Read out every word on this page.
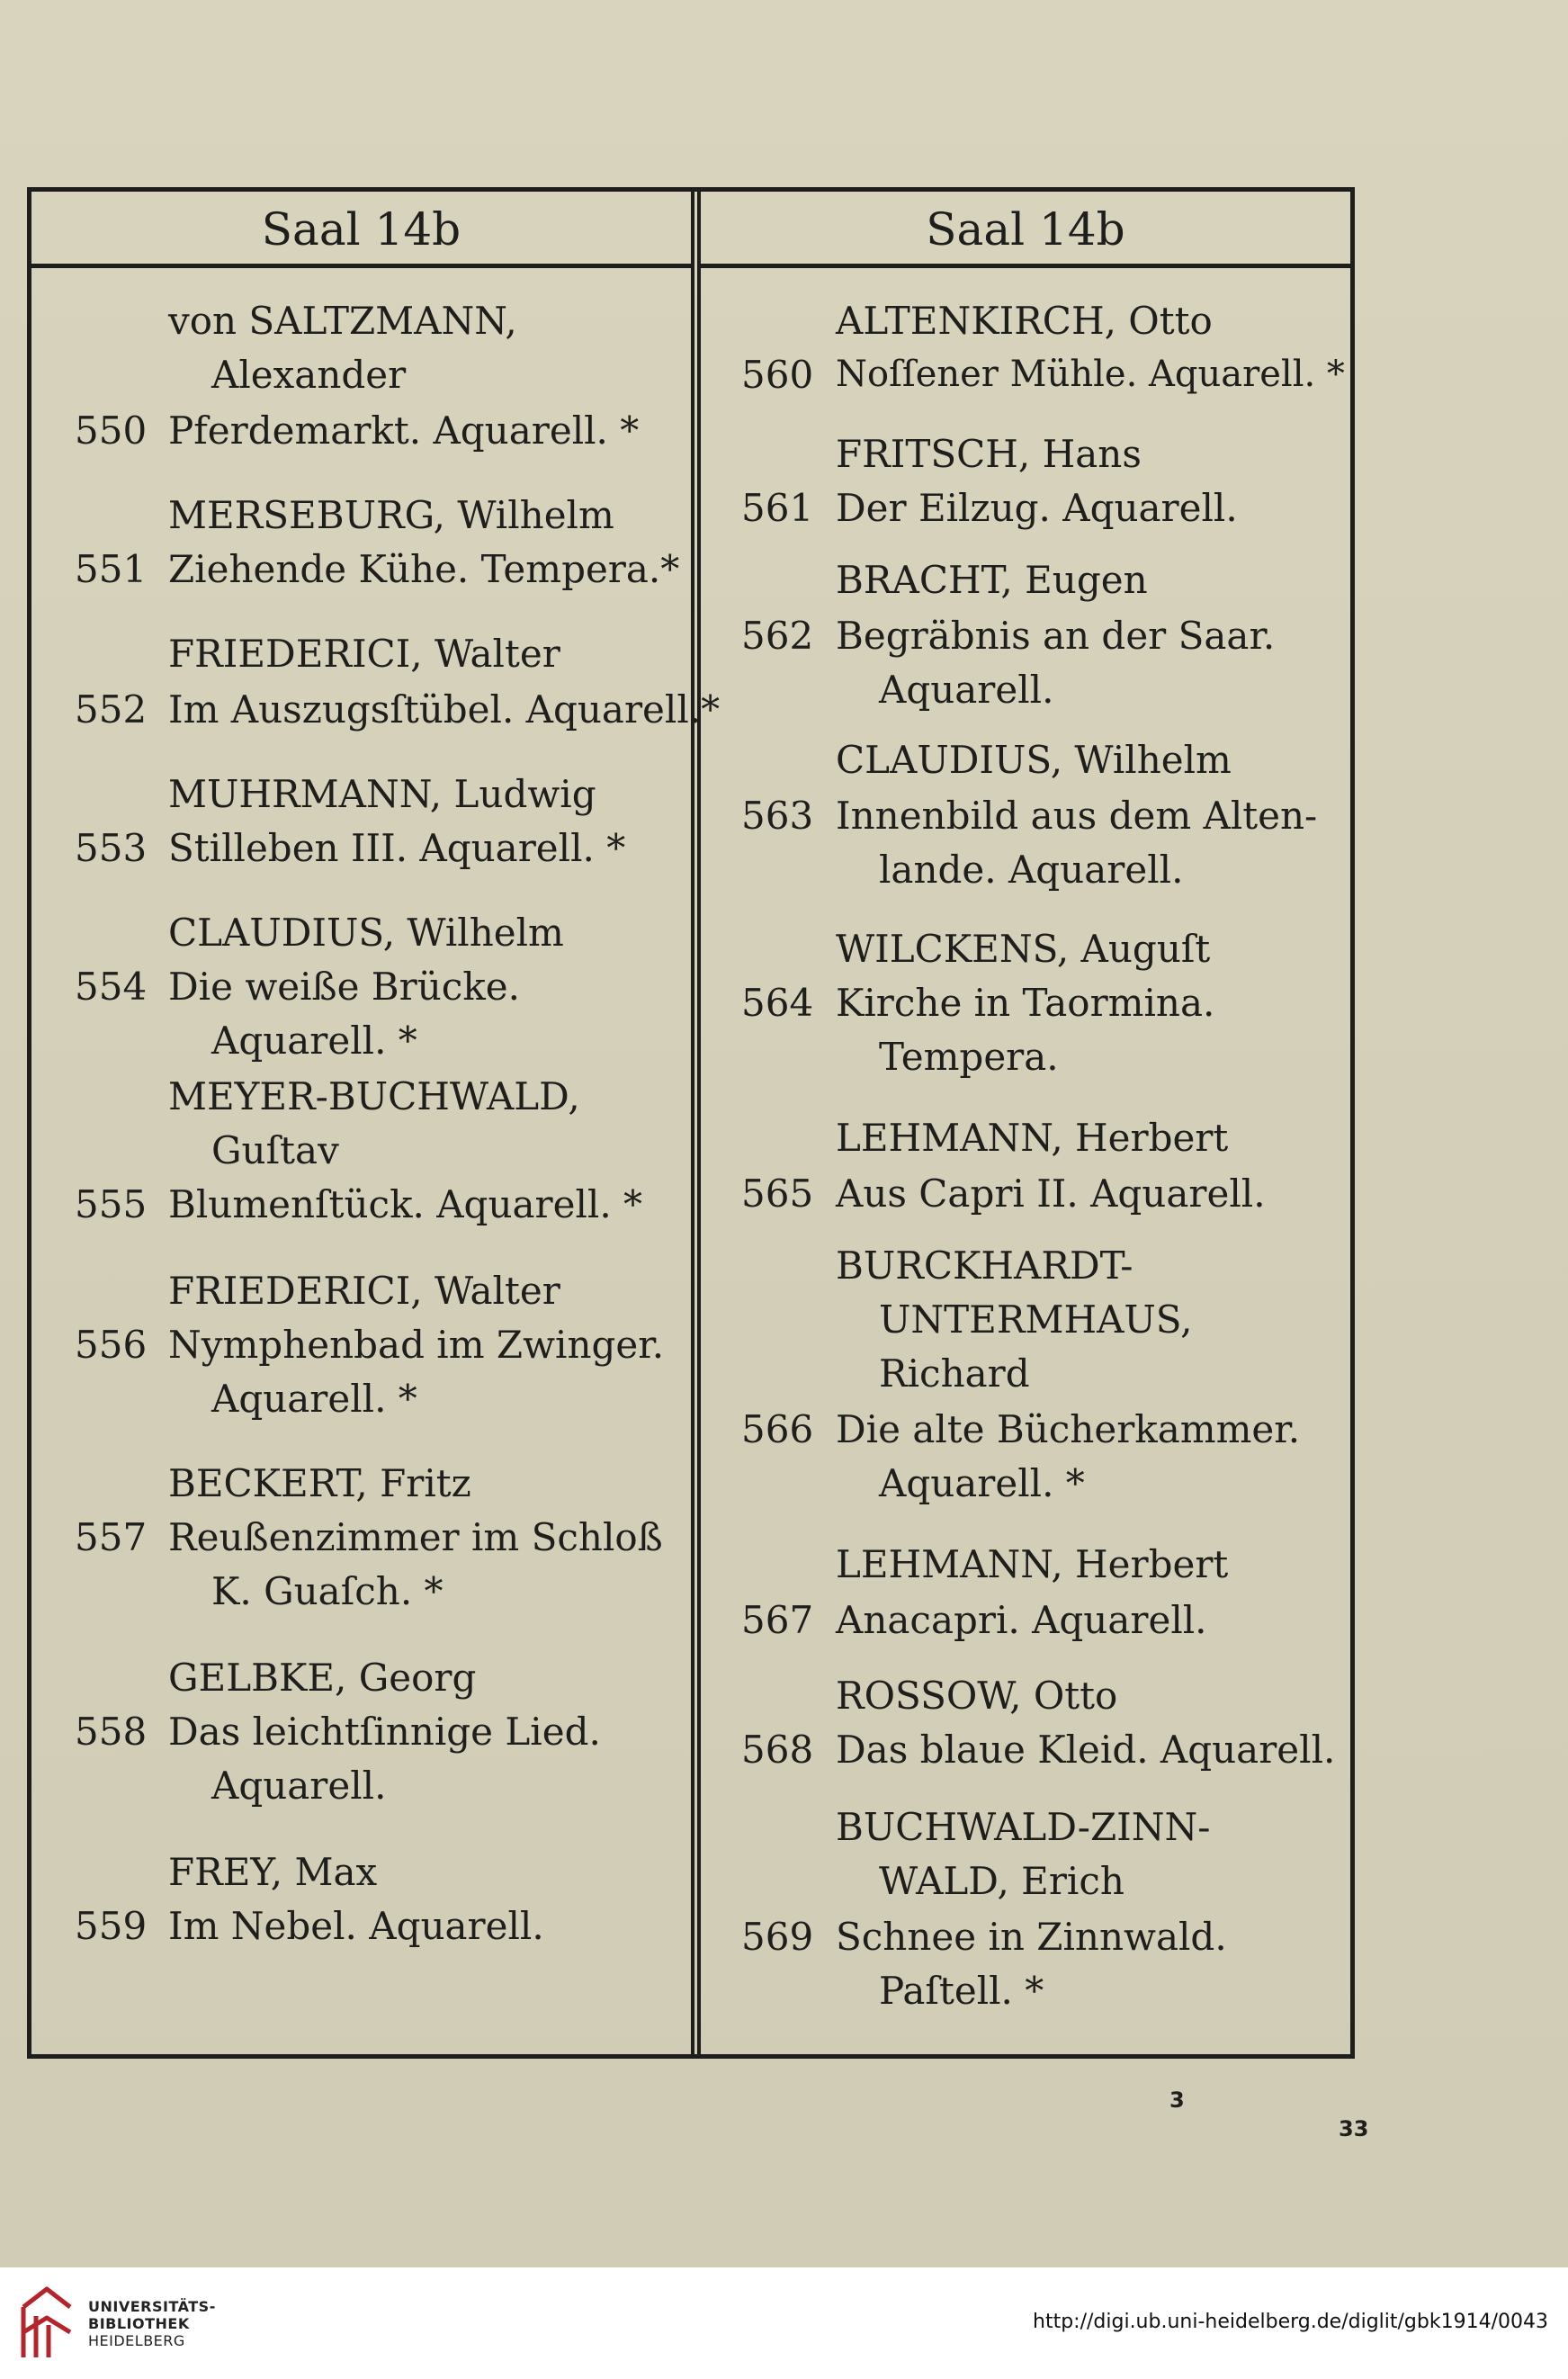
Saal 14b
von SALTZMANN,
Alexander
550 Pferdemarkt. Aquarell. *
MERSEBURG, Wilhelm
551 Ziehende Kühe. Tempera.*
FRIEDERICI, Walter
552 Im Auszugsſtübel. Aquarell.*
MUHRMANN, Ludwig
553 Stilleben III. Aquarell. *
CLAUDIUS, Wilhelm
554 Die weiße Brücke.
Aquarell. *
MEYER-BUCHWALD,
Guſtav
555 Blumenſtück. Aquarell. *
FRIEDERICI, Walter
556 Nymphenbad im Zwinger.
Aquarell. *
BECKERT, Fritz
557 Reußenzimmer im Schloß
K. Guaſch. *
GELBKE, Georg
558 Das leichtſinnige Lied.
Aquarell.
FREY, Max
559 Im Nebel. Aquarell.
Saal 14b
ALTENKIRCH, Otto
560 Noſſener Mühle. Aquarell. *
FRITSCH, Hans
561 Der Eilzug. Aquarell.
BRACHT, Eugen
562 Begräbnis an der Saar.
Aquarell.
CLAUDIUS, Wilhelm
563 Innenbild aus dem Alten-
lande. Aquarell.
WILCKENS, Auguſt
564 Kirche in Taormina.
Tempera.
LEHMANN, Herbert
565 Aus Capri II. Aquarell.
BURCKHARDT-
UNTERMHAUS,
Richard
566 Die alte Bücherkammer.
Aquarell. *
LEHMANN, Herbert
567 Anacapri. Aquarell.
ROSSOW, Otto
568 Das blaue Kleid. Aquarell.
BUCHWALD-ZINN-
WALD, Erich
569 Schnee in Zinnwald.
Paſtell. *
3
33
UNIVERSITÄTS-
BIBLIOTHEK
HEIDELBERG
http://digi.ub.uni-heidelberg.de/diglit/gbk1914/0043
